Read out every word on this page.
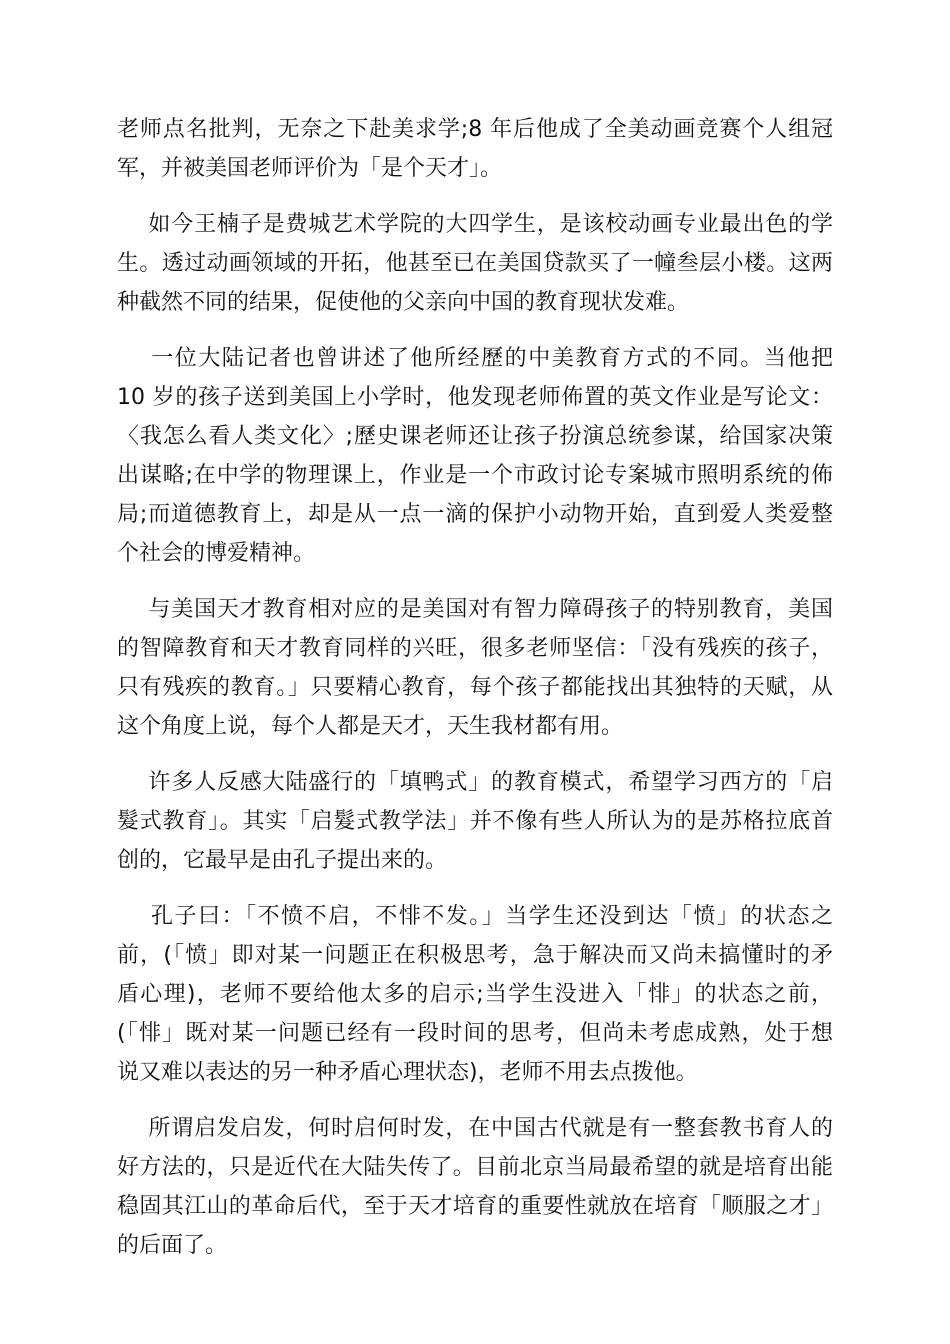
老师点名批判，无奈之下赴美求学;8 年后他成了全美动画竞赛个人组冠
军，并被美国老师评价为「是个天才」。
如今王楠子是费城艺术学院的大四学生，是该校动画专业最出色的学
生。透过动画领域的开拓，他甚至已在美国贷款买了一幢叁层小楼。这两
种截然不同的结果，促使他的父亲向中国的教育现状发难。
一位大陆记者也曾讲述了他所经歷的中美教育方式的不同。当他把
10 岁的孩子送到美国上小学时，他发现老师佈置的英文作业是写论文：
〈我怎么看人类文化〉;歷史课老师还让孩子扮演总统参谋，给国家决策
出谋略;在中学的物理课上，作业是一个市政讨论专案城市照明系统的佈
局;而道德教育上，却是从一点一滴的保护小动物开始，直到爱人类爱整
个社会的博爱精神。
与美国天才教育相对应的是美国对有智力障碍孩子的特别教育，美国
的智障教育和天才教育同样的兴旺，很多老师坚信：「没有残疾的孩子，
只有残疾的教育。」只要精心教育，每个孩子都能找出其独特的天赋，从
这个角度上说，每个人都是天才，天生我材都有用。
许多人反感大陆盛行的「填鸭式」的教育模式，希望学习西方的「启
髮式教育」。其实「启髮式教学法」并不像有些人所认为的是苏格拉底首
创的，它最早是由孔子提出来的。
孔子曰：「不愤不启，不悱不发。」当学生还没到达「愤」的状态之
前，(「愤」即对某一问题正在积极思考，急于解决而又尚未搞懂时的矛
盾心理)，老师不要给他太多的启示;当学生没进入「悱」的状态之前，
(「悱」既对某一问题已经有一段时间的思考，但尚未考虑成熟，处于想
说又难以表达的另一种矛盾心理状态)，老师不用去点拨他。
所谓启发启发，何时启何时发，在中国古代就是有一整套教书育人的
好方法的，只是近代在大陆失传了。目前北京当局最希望的就是培育出能
稳固其江山的革命后代，至于天才培育的重要性就放在培育「顺服之才」
的后面了。
